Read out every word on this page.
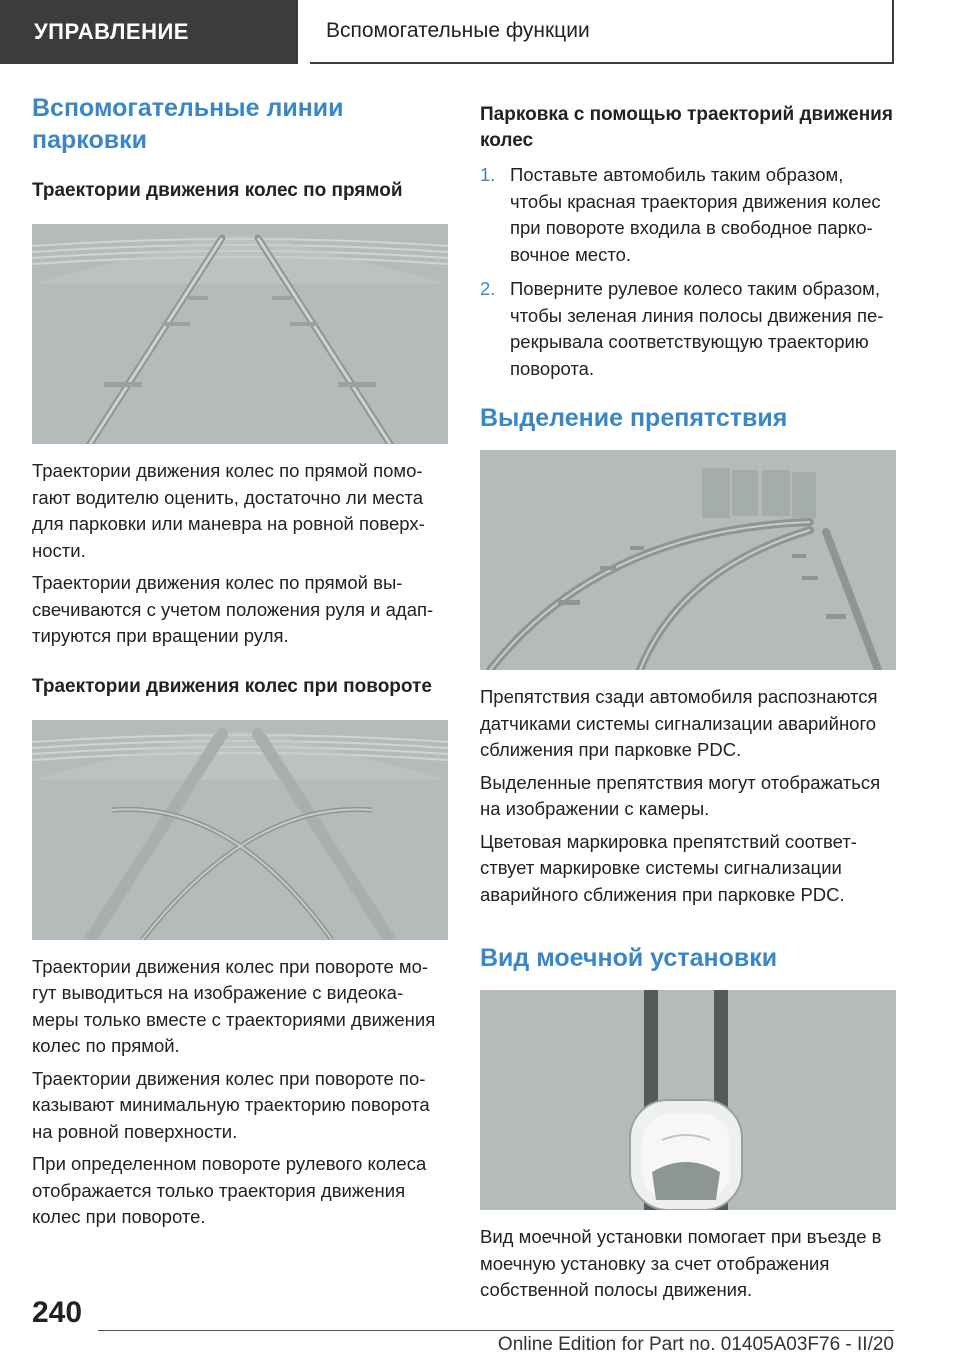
УПРАВЛЕНИЕ	Вспомогательные функции
Вспомогательные линии парковки
Траектории движения колес по прямой

Траектории движения колес по прямой помо-гают водителю оценить, достаточно ли места для парковки или маневра на ровной поверх-ности.

Траектории движения колес по прямой вы-свечиваются с учетом положения руля и адап-тируются при вращении руля.

Траектории движения колес при повороте

Траектории движения колес при повороте мо-гут выводиться на изображение с видеока-меры только вместе с траекториями движения колес по прямой.

Траектории движения колес при повороте по-казывают минимальную траекторию поворота на ровной поверхности.

При определенном повороте рулевого колеса отображается только траектория движения колес при повороте.

Парковка с помощью траекторий движения колес
1. Поставьте автомобиль таким образом, чтобы красная траектория движения колес при повороте входила в свободное парко-вочное место.
2. Поверните рулевое колесо таким образом, чтобы зеленая линия полосы движения пе-рекрывала соответствующую траекторию поворота.
Выделение препятствия

Препятствия сзади автомобиля распознаются датчиками системы сигнализации аварийного сближения при парковке PDC.

Выделенные препятствия могут отображаться на изображении с камеры.

Цветовая маркировка препятствий соответ-ствует маркировке системы сигнализации аварийного сближения при парковке PDC.

Вид моечной установки

Вид моечной установки помогает при въезде в моечную установку за счет отображения собственной полосы движения.

240
Online Edition for Part no. 01405A03F76 - II/20
